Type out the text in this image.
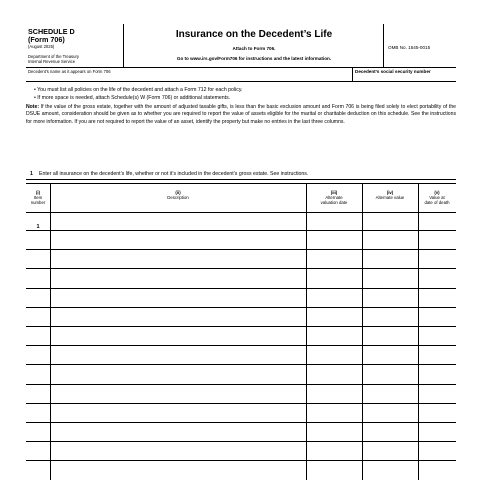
SCHEDULE D
(Form 706)
(August 2025)
Department of the Treasury
Internal Revenue Service
Insurance on the Decedent’s Life
Attach to Form 706.
Go to www.irs.gov/Form706 for instructions and the latest information.
OMB No. 1545-0015
Decedent’s name as it appears on Form 706	Decedent’s social security number
• You must list all policies on the life of the decedent and attach a Form 712 for each policy.
• If more space is needed, attach Schedule(s) W (Form 706) or additional statements.
Note: If the value of the gross estate, together with the amount of adjusted taxable gifts, is less than the basic exclusion amount and Form 706 is being filed solely to elect portability of the DSUE amount, consideration should be given as to whether you are required to report the value of assets eligible for the marital or charitable deduction on this schedule. See the instructions for more information. If you are not required to report the value of an asset, identify the property but make no entries in the last three columns.
1 Enter all insurance on the decedent’s life, whether or not it’s included in the decedent’s gross estate. See instructions.
(i)
Item
number
(ii)
Description
(iii)
Alternate
valuation date
(iv)
Alternate value
(v)
Value at
date of death
1
